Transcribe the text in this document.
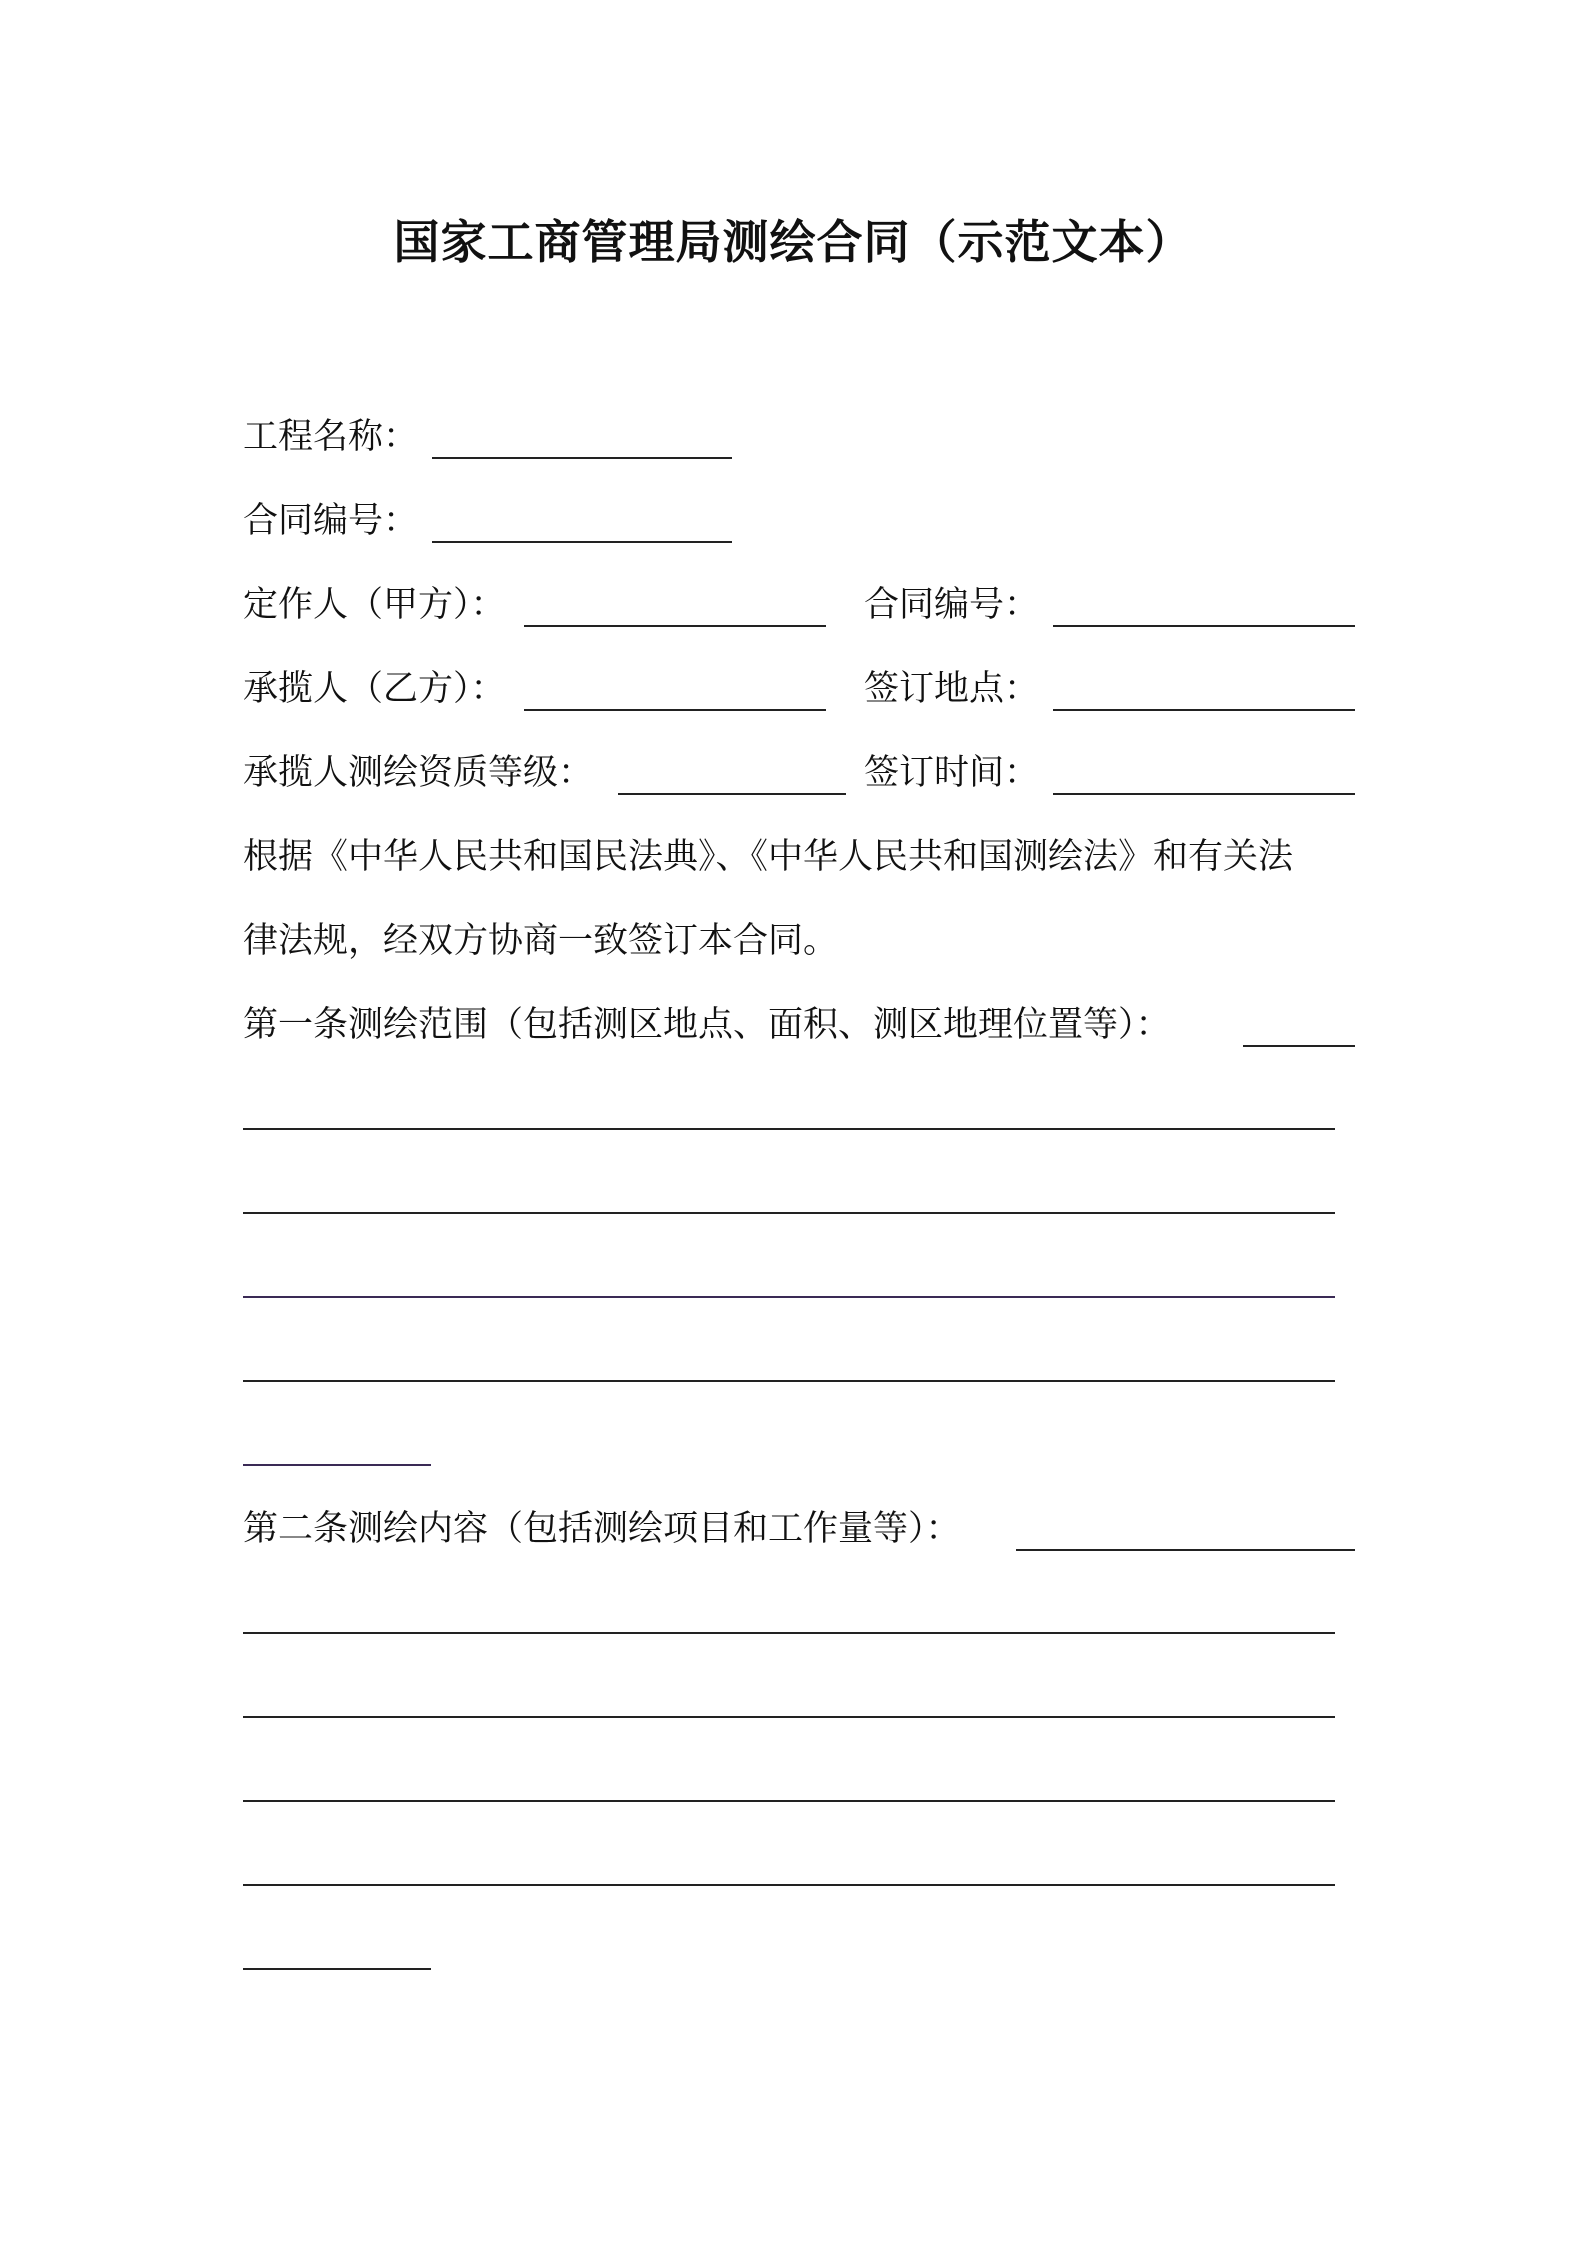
国家工商管理局测绘合同（示范文本）
工程名称：
合同编号：
定作人（甲方）：	合同编号：
承揽人（乙方）：	签订地点：
承揽人测绘资质等级：	签订时间：
根据《中华人民共和国民法典》、《中华人民共和国测绘法》和有关法
律法规，经双方协商一致签订本合同。
第一条测绘范围（包括测区地点、面积、测区地理位置等）：
第二条测绘内容（包括测绘项目和工作量等）：
